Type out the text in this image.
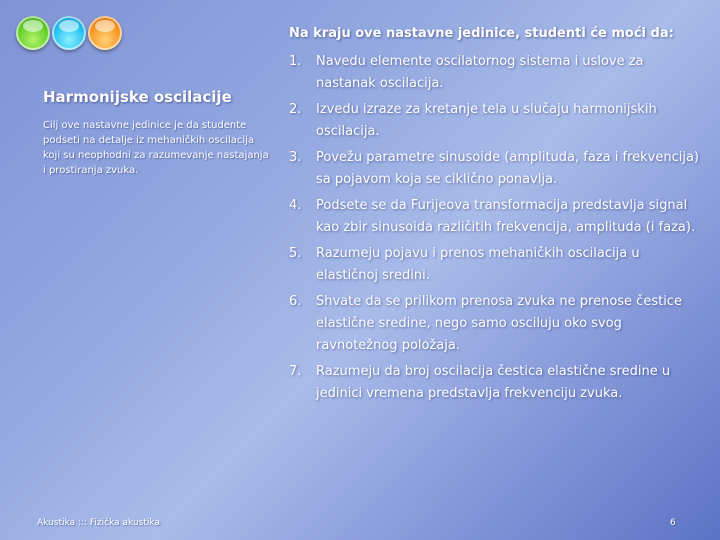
Harmonijske oscilacije
Cilj ove nastavne jedinice je da studente podseti na detalje iz mehaničkih oscilacija koji su neophodni za razumevanje nastajanja i prostiranja zvuka.
Na kraju ove nastavne jedinice, studenti će moći da:
1. Navedu elemente oscilatornog sistema i uslove za nastanak oscilacija.
2. Izvedu izraze za kretanje tela u slučaju harmonijskih oscilacija.
3. Povežu parametre sinusoide (amplituda, faza i frekvencija) sa pojavom koja se ciklično ponavlja.
4. Podsete se da Furijeova transformacija predstavlja signal kao zbir sinusoida različitih frekvencija, amplituda (i faza).
5. Razumeju pojavu i prenos mehaničkih oscilacija u elastičnoj sredini.
6. Shvate da se prilikom prenosa zvuka ne prenose čestice elastične sredine, nego samo osciluju oko svog ravnotežnog položaja.
7. Razumeju da broj oscilacija čestica elastične sredine u jedinici vremena predstavlja frekvenciju zvuka.
Akustika ::: Fizička akustika	6
